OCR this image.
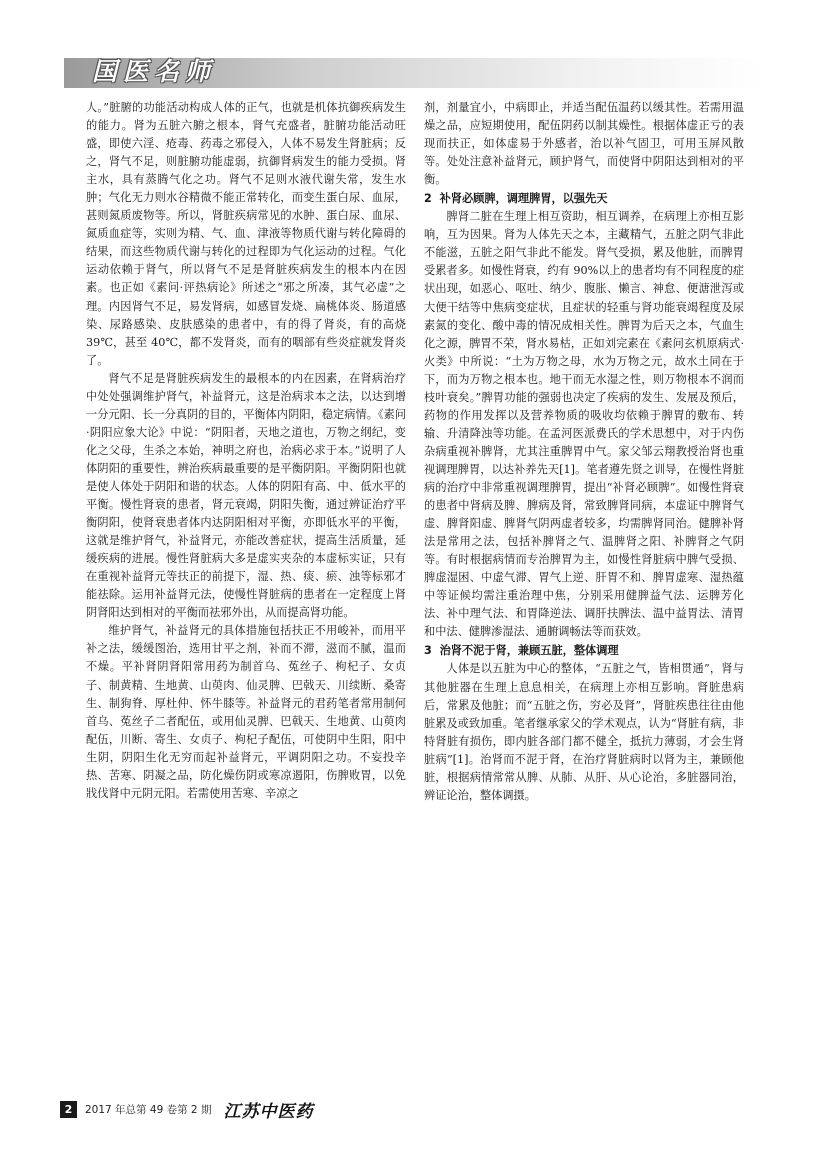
国医名师

人。”脏腑的功能活动构成人体的正气，也就是机体抗御疾病发生的能力。肾为五脏六腑之根本，肾气充盛者，脏腑功能活动旺盛，即使六淫、疮毒、药毒之邪侵入，人体不易发生肾脏病；反之，肾气不足，则脏腑功能虚弱，抗御肾病发生的能力受损。肾主水，具有蒸腾气化之功。肾气不足则水液代谢失常，发生水肿；气化无力则水谷精微不能正常转化，而变生蛋白尿、血尿，甚则氮质废物等。所以，肾脏疾病常见的水肿、蛋白尿、血尿、氮质血症等，实则为精、气、血、津液等物质代谢与转化障碍的结果，而这些物质代谢与转化的过程即为气化运动的过程。气化运动依赖于肾气，所以肾气不足是肾脏疾病发生的根本内在因素。也正如《素问·评热病论》所述之“邪之所凑，其气必虚”之理。内因肾气不足，易发肾病，如感冒发烧、扁桃体炎、肠道感染、尿路感染、皮肤感染的患者中，有的得了肾炎，有的高烧 39℃，甚至 40℃，都不发肾炎，而有的咽部有些炎症就发肾炎了。

肾气不足是肾脏疾病发生的最根本的内在因素，在肾病治疗中处处强调维护肾气，补益肾元，这是治病求本之法，以达到增一分元阳、长一分真阴的目的，平衡体内阴阳，稳定病情。《素问·阴阳应象大论》中说：“阴阳者，天地之道也，万物之纲纪，变化之父母，生杀之本始，神明之府也，治病必求于本。”说明了人体阴阳的重要性，辨治疾病最重要的是平衡阴阳。平衡阴阳也就是使人体处于阴阳和谐的状态。人体的阴阳有高、中、低水平的平衡。慢性肾衰的患者，肾元衰竭，阴阳失衡，通过辨证治疗平衡阴阳，使肾衰患者体内达阴阳相对平衡，亦即低水平的平衡，这就是维护肾气，补益肾元，亦能改善症状，提高生活质量，延缓疾病的进展。慢性肾脏病大多是虚实夹杂的本虚标实证，只有在重视补益肾元等扶正的前提下，湿、热、痰、瘀、浊等标邪才能祛除。运用补益肾元法，使慢性肾脏病的患者在一定程度上肾阴肾阳达到相对的平衡而祛邪外出，从而提高肾功能。

维护肾气，补益肾元的具体措施包括扶正不用峻补，而用平补之法，缓缓图治，选用甘平之剂，补而不滞，滋而不腻，温而不燥。平补肾阴肾阳常用药为制首乌、菟丝子、枸杞子、女贞子、制黄精、生地黄、山萸肉、仙灵脾、巴戟天、川续断、桑寄生、制狗脊、厚杜仲、怀牛膝等。补益肾元的君药笔者常用制何首乌、菟丝子二者配伍，或用仙灵脾、巴戟天、生地黄、山萸肉配伍，川断、寄生、女贞子、枸杞子配伍，可使阴中生阳，阳中生阴，阴阳生化无穷而起补益肾元，平调阴阳之功。不妄投辛热、苦寒、阴凝之品，防化燥伤阴或寒凉遏阳，伤脾败胃，以免戕伐肾中元阴元阳。若需使用苦寒、辛凉之

剂，剂量宜小，中病即止，并适当配伍温药以缓其性。若需用温燥之品，应短期使用，配伍阴药以制其燥性。根据体虚正亏的表现而扶正，如体虚易于外感者，治以补气固卫，可用玉屏风散等。处处注意补益肾元，顾护肾气，而使肾中阴阳达到相对的平衡。

2 补肾必顾脾，调理脾胃，以强先天

脾肾二脏在生理上相互资助，相互调养，在病理上亦相互影响，互为因果。肾为人体先天之本，主藏精气，五脏之阴气非此不能滋，五脏之阳气非此不能发。肾气受损，累及他脏，而脾胃受累者多。如慢性肾衰，约有 90%以上的患者均有不同程度的症状出现，如恶心、呕吐、纳少、腹胀、懒言、神怠、便溏泄泻或大便干结等中焦病变症状，且症状的轻重与肾功能衰竭程度及尿素氮的变化、酸中毒的情况成相关性。脾胃为后天之本，气血生化之源，脾胃不荣，肾水易枯，正如刘完素在《素问玄机原病式·火类》中所说：“土为万物之母，水为万物之元，故水土同在于下，而为万物之根本也。地干而无水湿之性，则万物根本不润而枝叶衰矣。”脾胃功能的强弱也决定了疾病的发生、发展及预后，药物的作用发挥以及营养物质的吸收均依赖于脾胃的敷布、转输、升清降浊等功能。在孟河医派费氏的学术思想中，对于内伤杂病重视补脾肾，尤其注重脾胃中气。家父邹云翔教授治肾也重视调理脾胃，以达补养先天[1]。笔者遵先贤之训导，在慢性肾脏病的治疗中非常重视调理脾胃，提出“补肾必顾脾”。如慢性肾衰的患者中肾病及脾、脾病及肾，常致脾肾同病，本虚证中脾肾气虚、脾肾阳虚、脾肾气阴两虚者较多，均需脾肾同治。健脾补肾法是常用之法，包括补脾肾之气、温脾肾之阳、补脾肾之气阴等。有时根据病情而专治脾胃为主，如慢性肾脏病中脾气受损、脾虚湿困、中虚气滞、胃气上逆、肝胃不和、脾胃虚寒、湿热蕴中等证候均需注重治理中焦，分别采用健脾益气法、运脾芳化法、补中理气法、和胃降逆法、调肝扶脾法、温中益胃法、清胃和中法、健脾渗湿法、通腑调畅法等而获效。

3 治肾不泥于肾，兼顾五脏，整体调理

人体是以五脏为中心的整体，“五脏之气，皆相贯通”，肾与其他脏器在生理上息息相关，在病理上亦相互影响。肾脏患病后，常累及他脏；而“五脏之伤，穷必及肾”，肾脏疾患往往由他脏累及或致加重。笔者继承家父的学术观点，认为“肾脏有病，非特肾脏有损伤，即内脏各部门都不健全，抵抗力薄弱，才会生肾脏病”[1]。治肾而不泥于肾，在治疗肾脏病时以肾为主，兼顾他脏，根据病情常常从脾、从肺、从肝、从心论治，多脏器同治，辨证论治，整体调摄。

2	2017 年总第 49 卷第 2 期 江苏中医药
